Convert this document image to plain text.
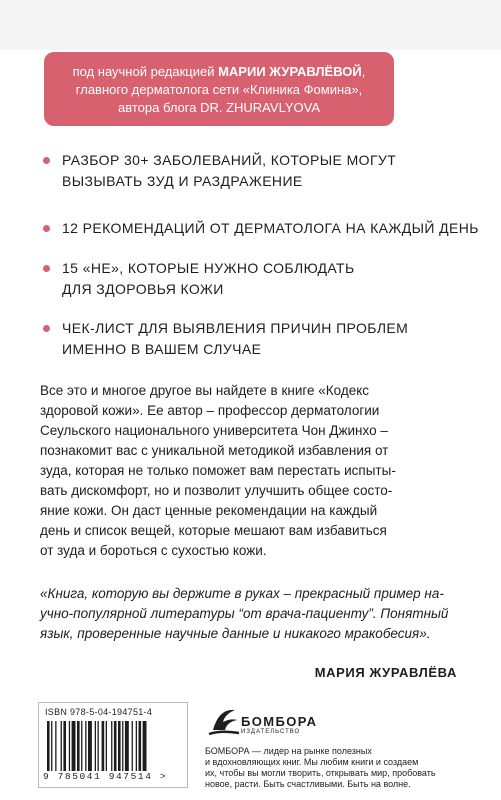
под научной редакцией МАРИИ ЖУРАВЛЁВОЙ,
главного дерматолога сети «Клиника Фомина»,
автора блога DR. ZHURAVLYOVA
РАЗБОР 30+ ЗАБОЛЕВАНИЙ, КОТОРЫЕ МОГУТ
ВЫЗЫВАТЬ ЗУД И РАЗДРАЖЕНИЕ
12 РЕКОМЕНДАЦИЙ ОТ ДЕРМАТОЛОГА НА КАЖДЫЙ ДЕНЬ
15 «НЕ», КОТОРЫЕ НУЖНО СОБЛЮДАТЬ
ДЛЯ ЗДОРОВЬЯ КОЖИ
ЧЕК-ЛИСТ ДЛЯ ВЫЯВЛЕНИЯ ПРИЧИН ПРОБЛЕМ
ИМЕННО В ВАШЕМ СЛУЧАЕ
Все это и многое другое вы найдете в книге «Кодекс
здоровой кожи». Ее автор – профессор дерматологии
Сеульского национального университета Чон Джинхо –
познакомит вас с уникальной методикой избавления от
зуда, которая не только поможет вам перестать испыты-
вать дискомфорт, но и позволит улучшить общее состо-
яние кожи. Он даст ценные рекомендации на каждый
день и список вещей, которые мешают вам избавиться
от зуда и бороться с сухостью кожи.
«Книга, которую вы держите в руках – прекрасный пример на-
учно-популярной литературы “от врача-пациенту”. Понятный
язык, проверенные научные данные и никакого мракобесия».
МАРИЯ ЖУРАВЛЁВА
ISBN 978-5-04-194751-4
9 785041 947514 >
БОМБОРА
ИЗДАТЕЛЬСТВО
БОМБОРА — лидер на рынке полезных
и вдохновляющих книг. Мы любим книги и создаем
их, чтобы вы могли творить, открывать мир, пробовать
новое, расти. Быть счастливыми. Быть на волне.
